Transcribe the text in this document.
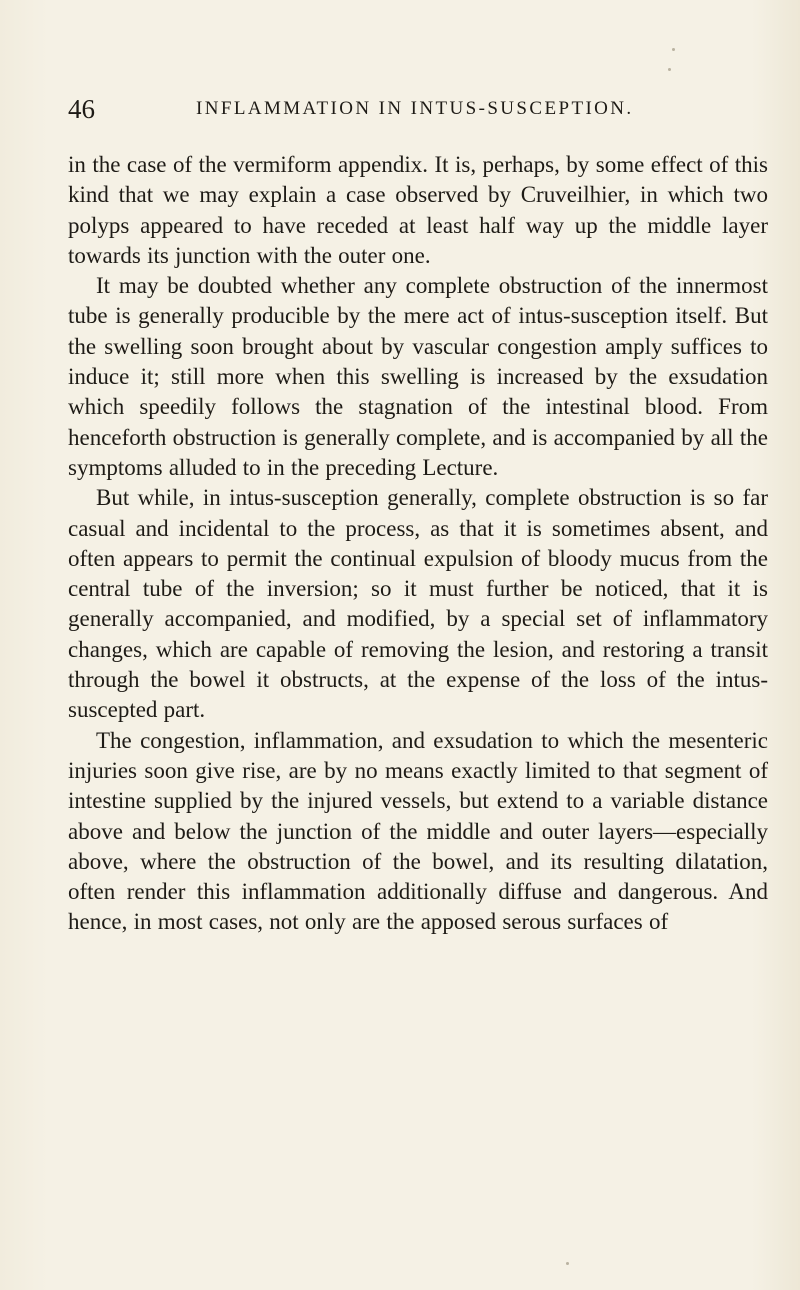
46	INFLAMMATION IN INTUS-SUSCEPTION.

in the case of the vermiform appendix. It is, perhaps, by some effect of this kind that we may explain a case observed by Cruveilhier, in which two polyps appeared to have receded at least half way up the middle layer towards its junction with the outer one.

It may be doubted whether any complete obstruction of the innermost tube is generally producible by the mere act of intus-susception itself. But the swelling soon brought about by vascular congestion amply suffices to induce it; still more when this swelling is increased by the exsudation which speedily follows the stagnation of the intestinal blood. From henceforth obstruction is generally complete, and is accompanied by all the symptoms alluded to in the preceding Lecture.

But while, in intus-susception generally, complete obstruction is so far casual and incidental to the process, as that it is sometimes absent, and often appears to permit the continual expulsion of bloody mucus from the central tube of the inversion; so it must further be noticed, that it is generally accompanied, and modified, by a special set of inflammatory changes, which are capable of removing the lesion, and restoring a transit through the bowel it obstructs, at the expense of the loss of the intus-suscepted part.

The congestion, inflammation, and exsudation to which the mesenteric injuries soon give rise, are by no means exactly limited to that segment of intestine supplied by the injured vessels, but extend to a variable distance above and below the junction of the middle and outer layers—especially above, where the obstruction of the bowel, and its resulting dilatation, often render this inflammation additionally diffuse and dangerous. And hence, in most cases, not only are the apposed serous surfaces of
